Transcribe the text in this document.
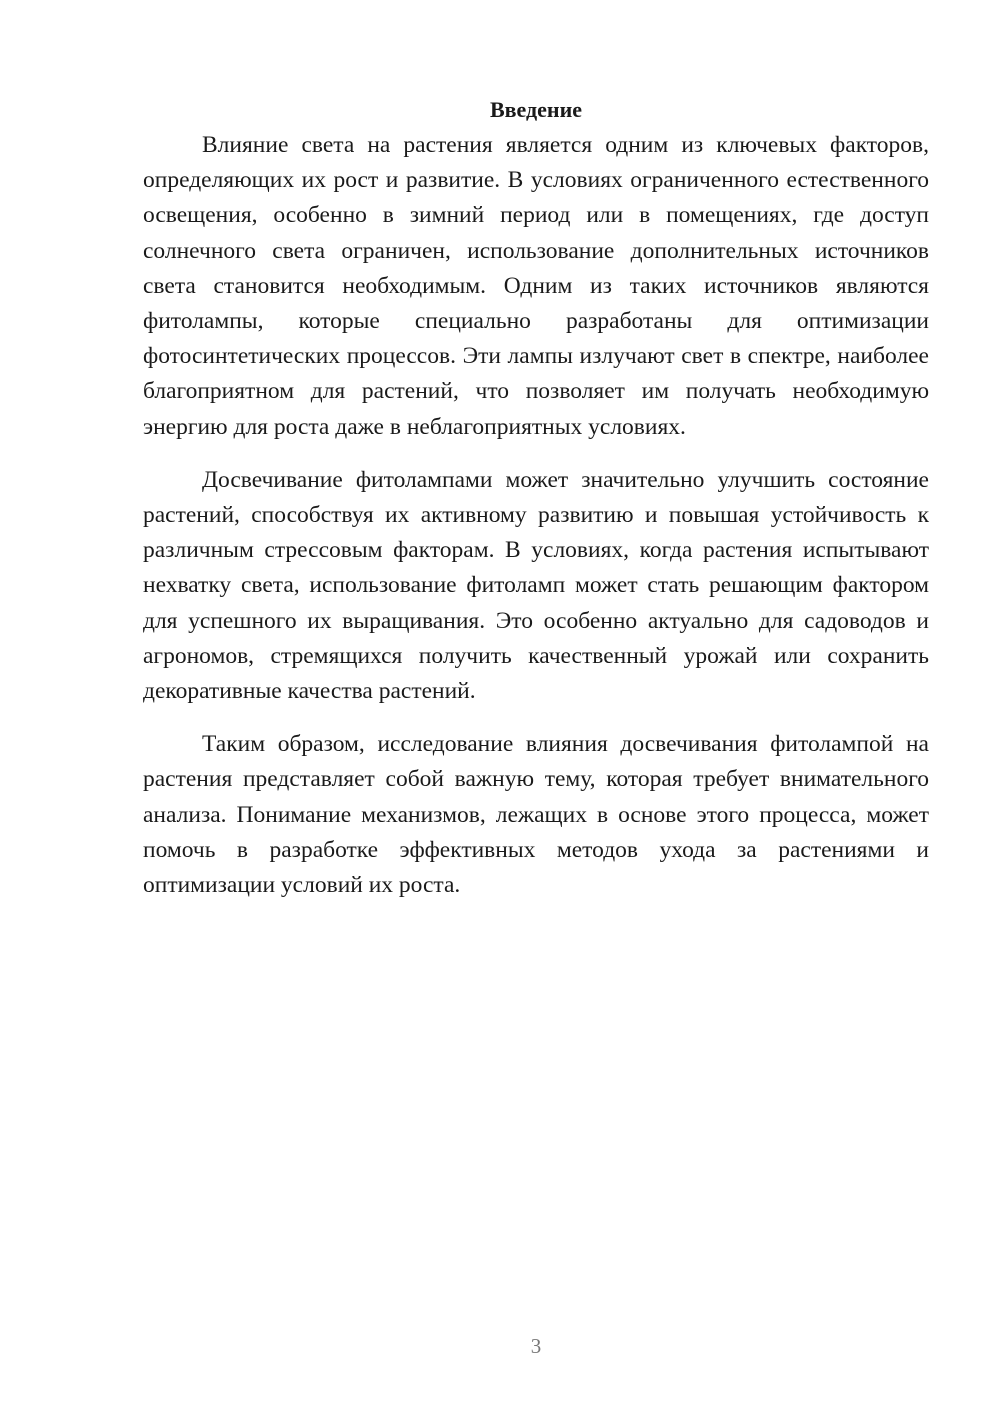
Введение

Влияние света на растения является одним из ключевых факторов, определяющих их рост и развитие. В условиях ограниченного естественного освещения, особенно в зимний период или в помещениях, где доступ солнечного света ограничен, использование дополнительных источников света становится необходимым. Одним из таких источников являются фитолампы, которые специально разработаны для оптимизации фотосинтетических процессов. Эти лампы излучают свет в спектре, наиболее благоприятном для растений, что позволяет им получать необходимую энергию для роста даже в неблагоприятных условиях.

Досвечивание фитолампами может значительно улучшить состояние растений, способствуя их активному развитию и повышая устойчивость к различным стрессовым факторам. В условиях, когда растения испытывают нехватку света, использование фитоламп может стать решающим фактором для успешного их выращивания. Это особенно актуально для садоводов и агрономов, стремящихся получить качественный урожай или сохранить декоративные качества растений.

Таким образом, исследование влияния досвечивания фитолампой на растения представляет собой важную тему, которая требует внимательного анализа. Понимание механизмов, лежащих в основе этого процесса, может помочь в разработке эффективных методов ухода за растениями и оптимизации условий их роста.

3
